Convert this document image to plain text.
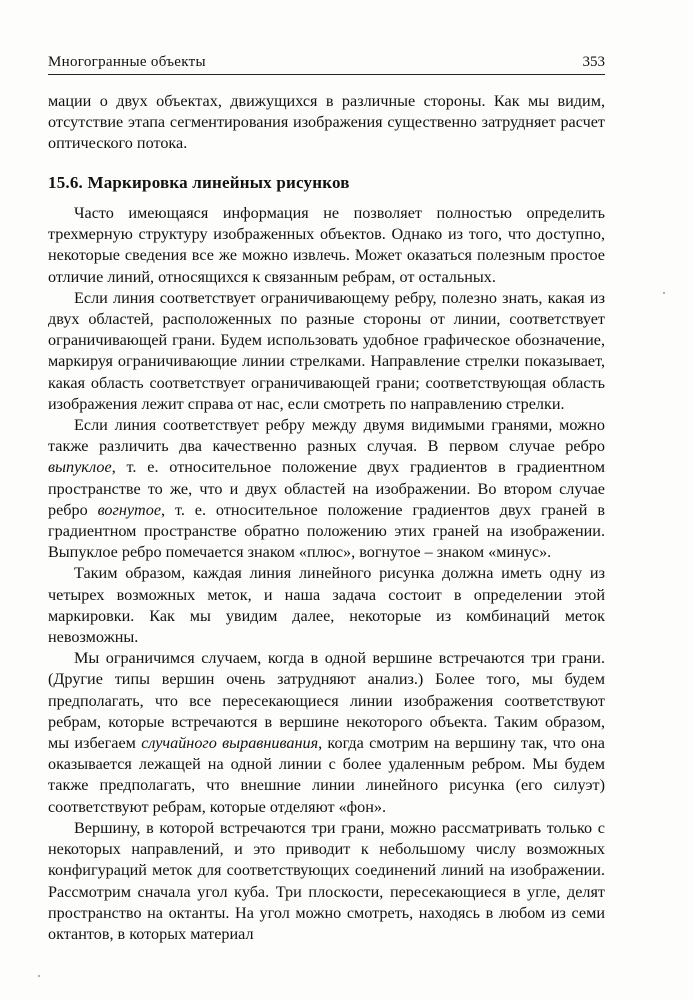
Многогранные объекты	353

мации о двух объектах, движущихся в различные стороны. Как мы видим, отсутствие этапа сегментирования изображения существенно затрудняет расчет оптического потока.

15.6. Маркировка линейных рисунков

Часто имеющаяся информация не позволяет полностью определить трехмерную структуру изображенных объектов. Однако из того, что доступно, некоторые сведения все же можно извлечь. Может оказаться полезным простое отличие линий, относящихся к связанным ребрам, от остальных.

Если линия соответствует ограничивающему ребру, полезно знать, какая из двух областей, расположенных по разные стороны от линии, соответствует ограничивающей грани. Будем использовать удобное графическое обозначение, маркируя ограничивающие линии стрелками. Направление стрелки показывает, какая область соответствует ограничивающей грани; соответствующая область изображения лежит справа от нас, если смотреть по направлению стрелки.

Если линия соответствует ребру между двумя видимыми гранями, можно также различить два качественно разных случая. В первом случае ребро выпуклое, т. е. относительное положение двух градиентов в градиентном пространстве то же, что и двух областей на изображении. Во втором случае ребро вогнутое, т. е. относительное положение градиентов двух граней в градиентном пространстве обратно положению этих граней на изображении. Выпуклое ребро помечается знаком «плюс», вогнутое – знаком «минус».

Таким образом, каждая линия линейного рисунка должна иметь одну из четырех возможных меток, и наша задача состоит в определении этой маркировки. Как мы увидим далее, некоторые из комбинаций меток невозможны.

Мы ограничимся случаем, когда в одной вершине встречаются три грани. (Другие типы вершин очень затрудняют анализ.) Более того, мы будем предполагать, что все пересекающиеся линии изображения соответствуют ребрам, которые встречаются в вершине некоторого объекта. Таким образом, мы избегаем случайного выравнивания, когда смотрим на вершину так, что она оказывается лежащей на одной линии с более удаленным ребром. Мы будем также предполагать, что внешние линии линейного рисунка (его силуэт) соответствуют ребрам, которые отделяют «фон».

Вершину, в которой встречаются три грани, можно рассматривать только с некоторых направлений, и это приводит к небольшому числу возможных конфигураций меток для соответствующих соединений линий на изображении. Рассмотрим сначала угол куба. Три плоскости, пересекающиеся в угле, делят пространство на октанты. На угол можно смотреть, находясь в любом из семи октантов, в которых материал
